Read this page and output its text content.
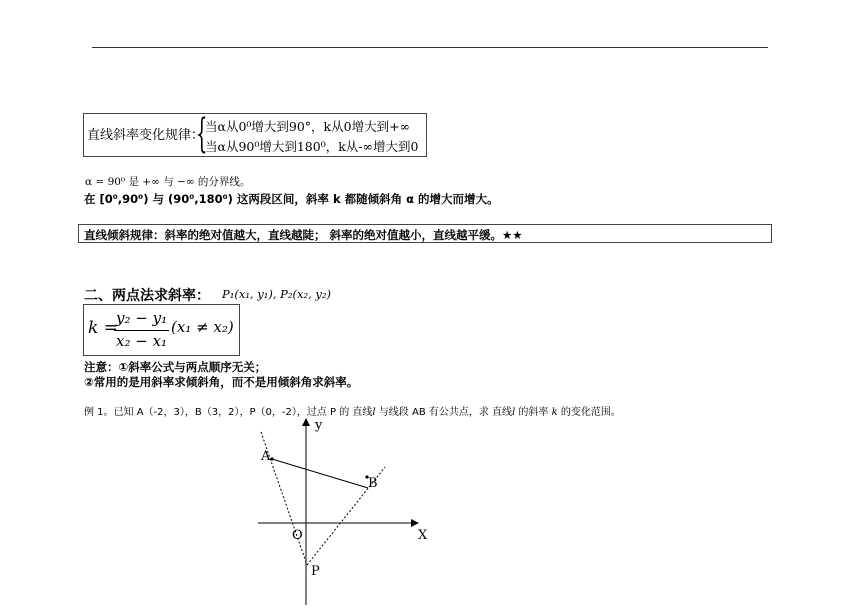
直线斜率变化规律：
{
当α从0⁰增大到90°，k从0增大到+∞
当α从90⁰增大到180⁰，k从-∞增大到0
α = 90⁰ 是 +∞ 与 −∞ 的分界线。
在 [0⁰,90⁰) 与 (90⁰,180⁰) 这两段区间，斜率 k 都随倾斜角 α 的增大而增大。
直线倾斜规律：斜率的绝对值越大，直线越陡； 斜率的绝对值越小，直线越平缓。★★
二、两点法求斜率： P₁(x₁, y₁), P₂(x₂, y₂)
k =
y₂ − y₁
x₂ − x₁
(x₁ ≠ x₂)
注意：①斜率公式与两点顺序无关；
②常用的是用斜率求倾斜角，而不是用倾斜角求斜率。
例 1。已知 A（-2，3），B（3，2），P（0，-2），过点 P 的 直线l 与线段 AB 有公共点，求 直线l 的斜率 k 的变化范围。
y
X
O
A
B
P
